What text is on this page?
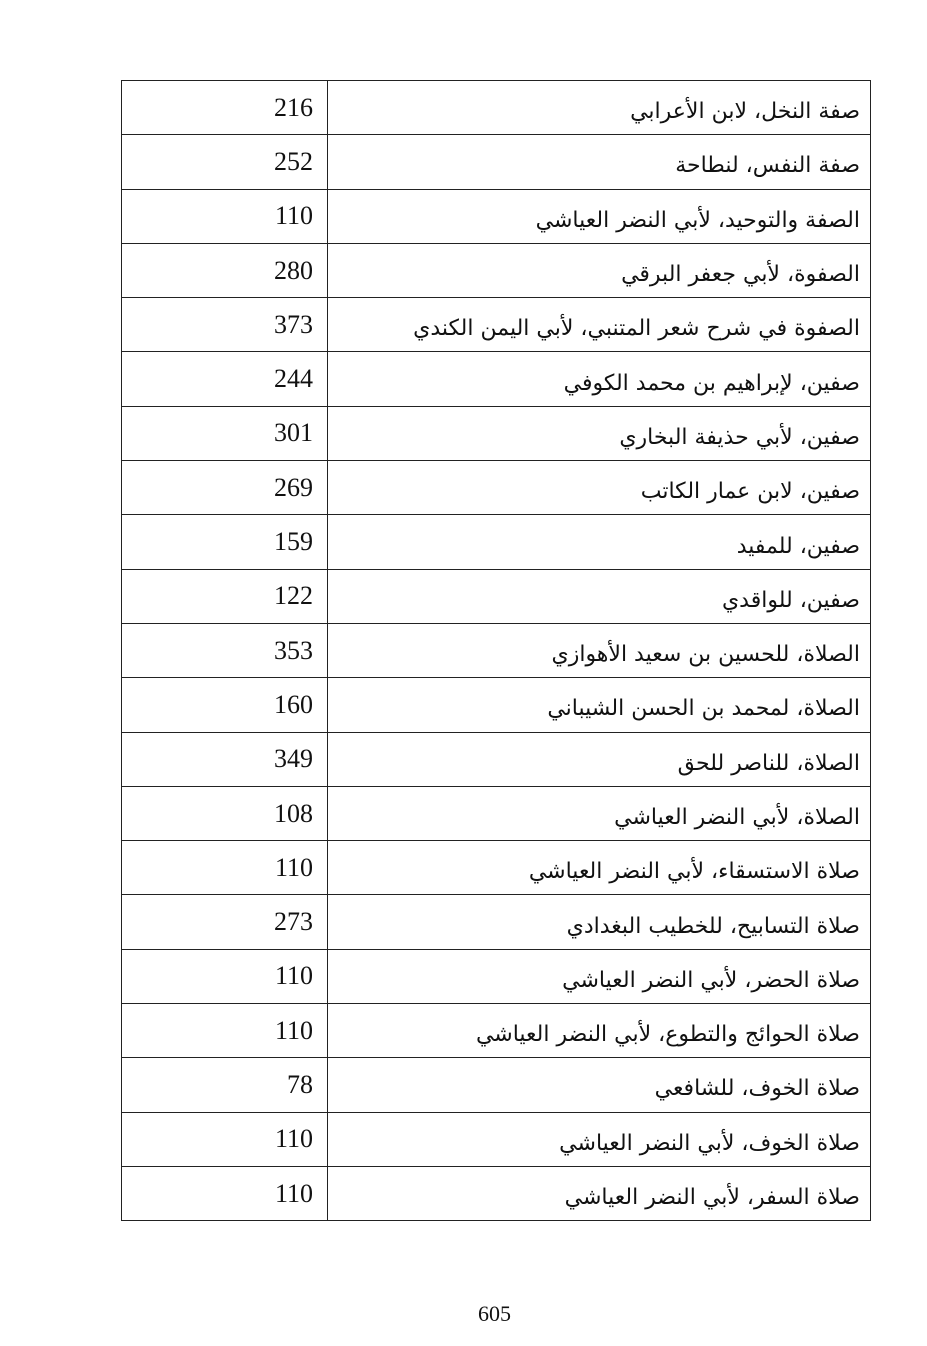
صفة النخل، لابن الأعرابي	216
صفة النفس، لنطاحة	252
الصفة والتوحيد، لأبي النضر العياشي	110
الصفوة، لأبي جعفر البرقي	280
الصفوة في شرح شعر المتنبي، لأبي اليمن الكندي	373
صفين، لإبراهيم بن محمد الكوفي	244
صفين، لأبي حذيفة البخاري	301
صفين، لابن عمار الكاتب	269
صفين، للمفيد	159
صفين، للواقدي	122
الصلاة، للحسين بن سعيد الأهوازي	353
الصلاة، لمحمد بن الحسن الشيباني	160
الصلاة، للناصر للحق	349
الصلاة، لأبي النضر العياشي	108
صلاة الاستسقاء، لأبي النضر العياشي	110
صلاة التسابيح، للخطيب البغدادي	273
صلاة الحضر، لأبي النضر العياشي	110
صلاة الحوائج والتطوع، لأبي النضر العياشي	110
صلاة الخوف، للشافعي	78
صلاة الخوف، لأبي النضر العياشي	110
صلاة السفر، لأبي النضر العياشي	110
605
